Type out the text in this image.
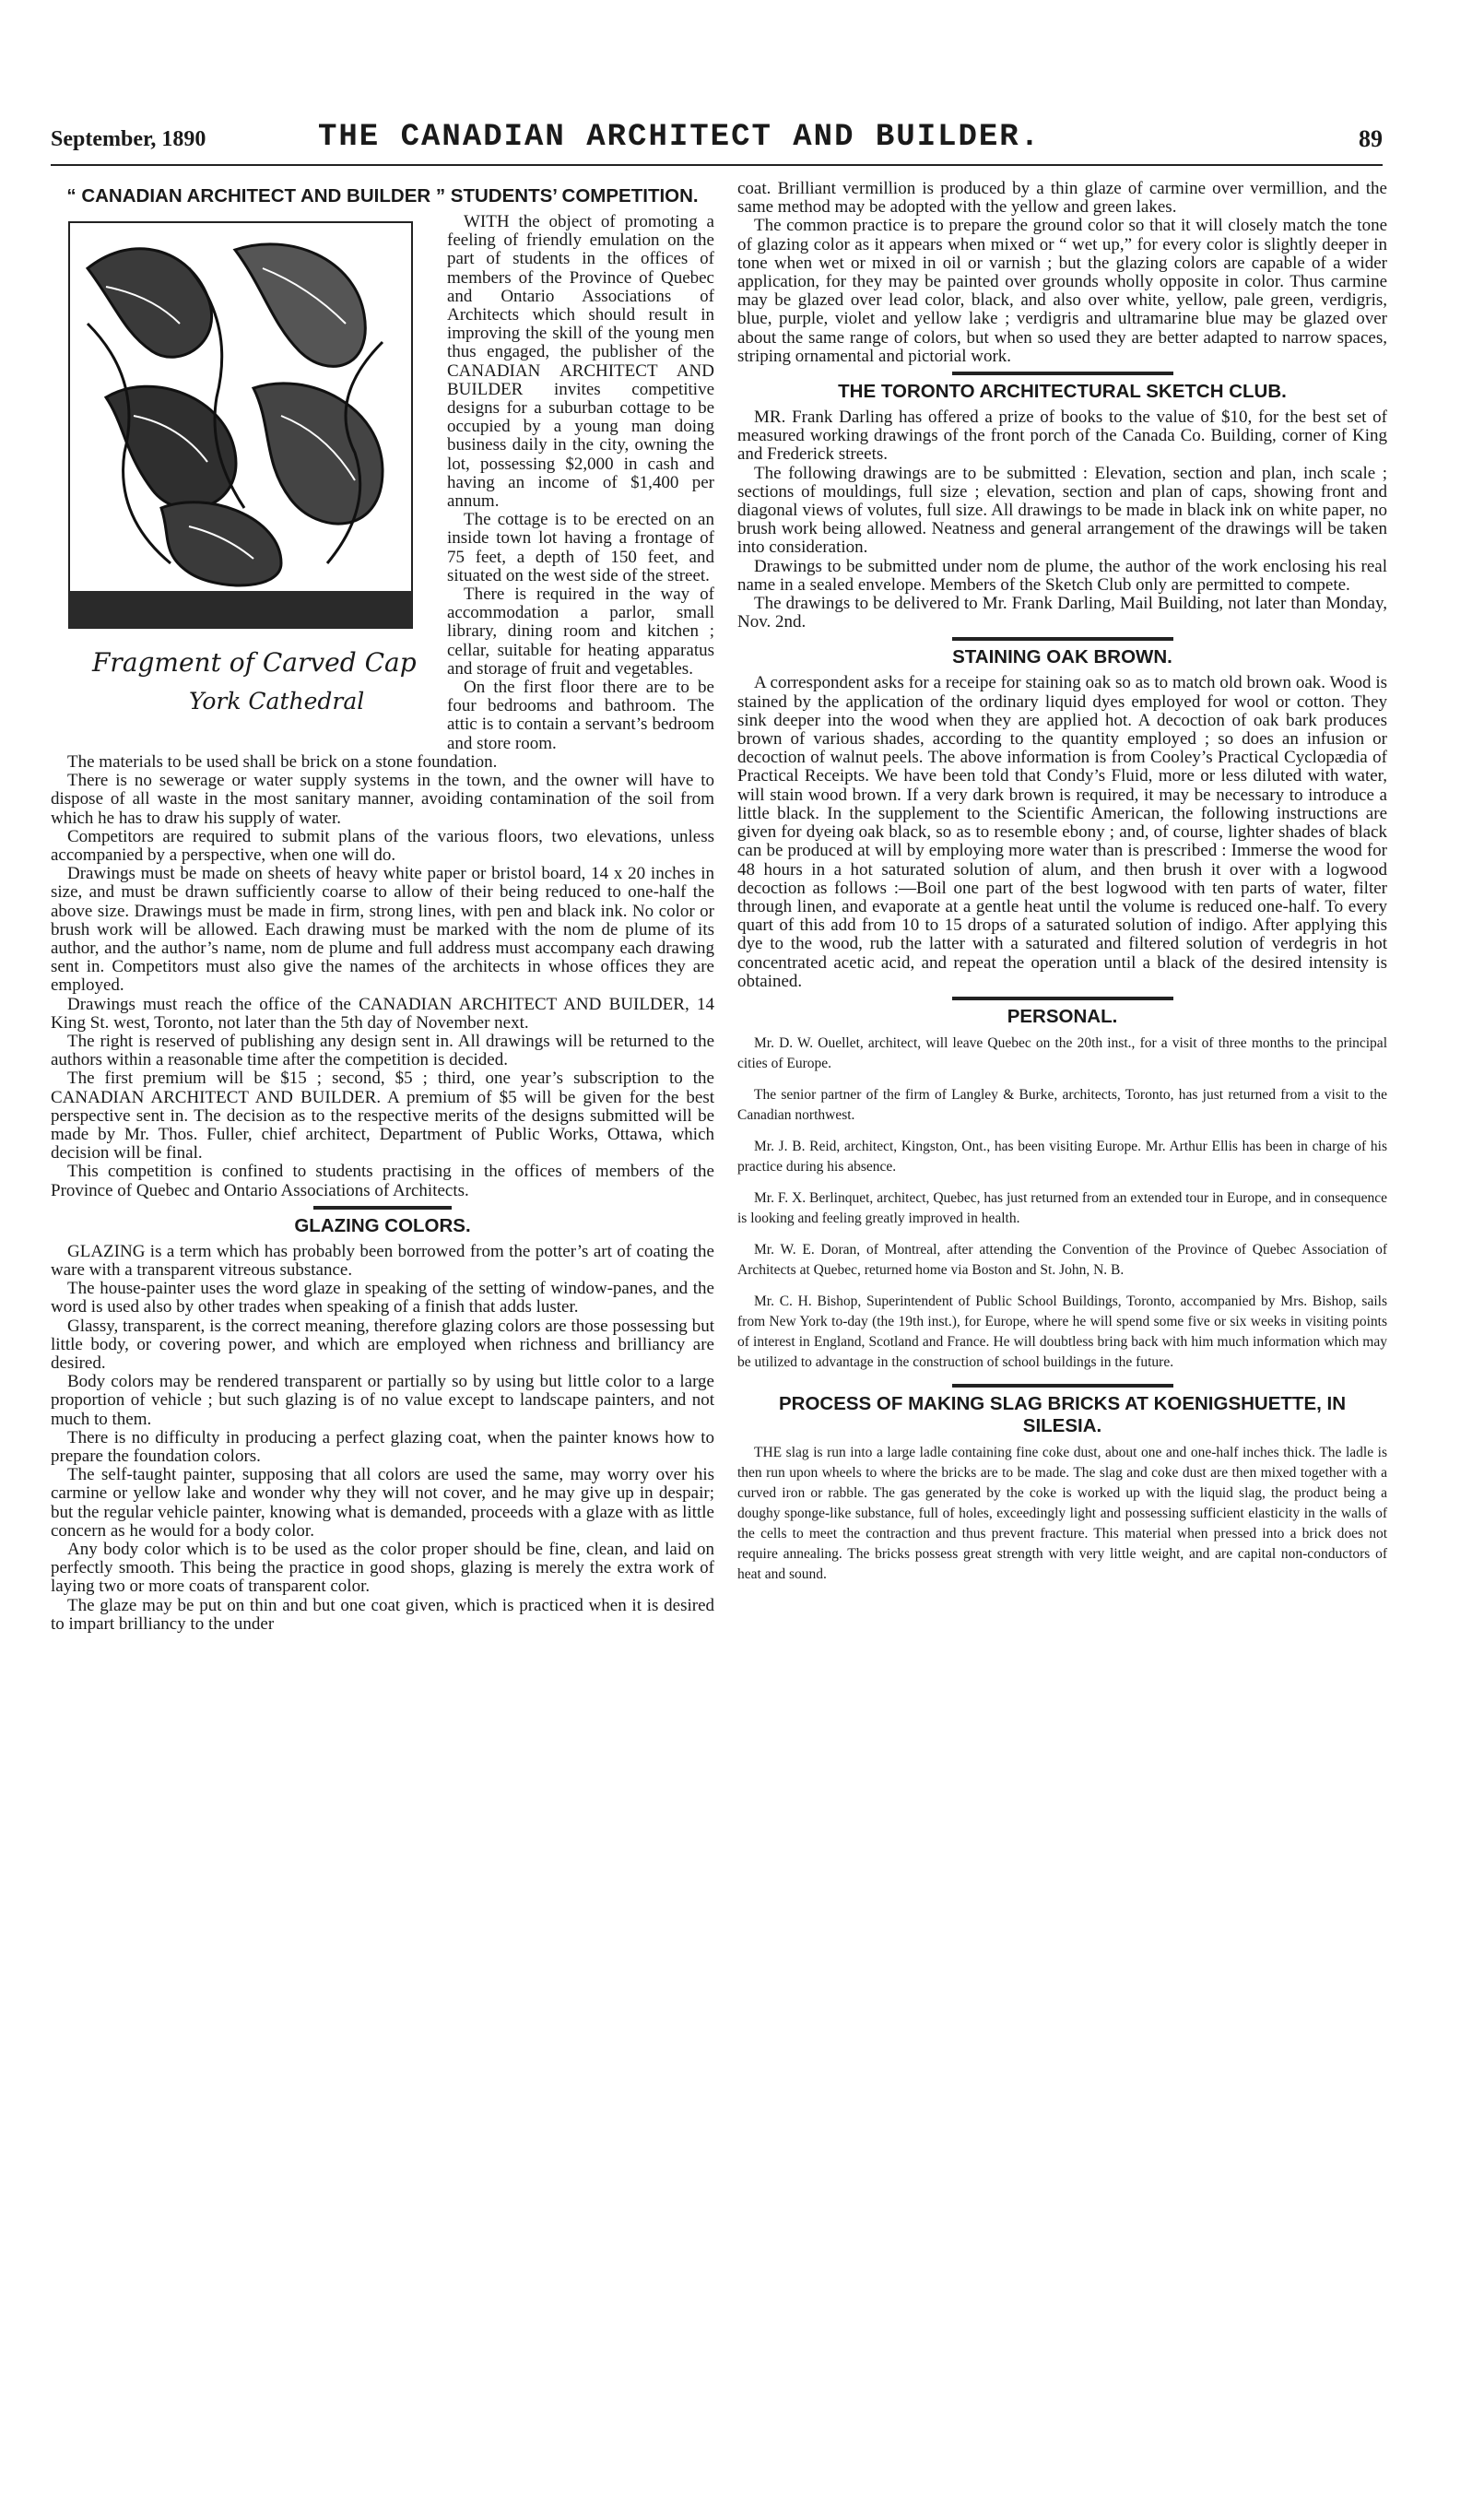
September, 1890	THE CANADIAN ARCHITECT AND BUILDER.	89
“ CANADIAN ARCHITECT AND BUILDER ” STUDENTS’ COMPETITION.
Fragment of Carved Cap
York Cathedral

WITH the object of promoting a feeling of friendly emulation on the part of students in the offices of members of the Province of Quebec and Ontario Associations of Architects which should result in improving the skill of the young men thus engaged, the publisher of the CANADIAN ARCHITECT AND BUILDER invites competitive designs for a suburban cottage to be occupied by a young man doing business daily in the city, owning the lot, possessing $2,000 in cash and having an income of $1,400 per annum.

The cottage is to be erected on an inside town lot having a frontage of 75 feet, a depth of 150 feet, and situated on the west side of the street.

There is required in the way of accommodation a parlor, small library, dining room and kitchen ; cellar, suitable for heating apparatus and storage of fruit and vegetables.

On the first floor there are to be four bedrooms and bathroom. The attic is to contain a servant’s bedroom and store room.

The materials to be used shall be brick on a stone foundation.

There is no sewerage or water supply systems in the town, and the owner will have to dispose of all waste in the most sanitary manner, avoiding contamination of the soil from which he has to draw his supply of water.

Competitors are required to submit plans of the various floors, two elevations, unless accompanied by a perspective, when one will do.

Drawings must be made on sheets of heavy white paper or bristol board, 14 x 20 inches in size, and must be drawn sufficiently coarse to allow of their being reduced to one-half the above size. Drawings must be made in firm, strong lines, with pen and black ink. No color or brush work will be allowed. Each drawing must be marked with the nom de plume of its author, and the author’s name, nom de plume and full address must accompany each drawing sent in. Competitors must also give the names of the architects in whose offices they are employed.

Drawings must reach the office of the CANADIAN ARCHITECT AND BUILDER, 14 King St. west, Toronto, not later than the 5th day of November next.

The right is reserved of publishing any design sent in. All drawings will be returned to the authors within a reasonable time after the competition is decided.

The first premium will be $15 ; second, $5 ; third, one year’s subscription to the CANADIAN ARCHITECT AND BUILDER. A premium of $5 will be given for the best perspective sent in. The decision as to the respective merits of the designs submitted will be made by Mr. Thos. Fuller, chief architect, Department of Public Works, Ottawa, which decision will be final.

This competition is confined to students practising in the offices of members of the Province of Quebec and Ontario Associations of Architects.

GLAZING COLORS.

GLAZING is a term which has probably been borrowed from the potter’s art of coating the ware with a transparent vitreous substance.

The house-painter uses the word glaze in speaking of the setting of window-panes, and the word is used also by other trades when speaking of a finish that adds luster.

Glassy, transparent, is the correct meaning, therefore glazing colors are those possessing but little body, or covering power, and which are employed when richness and brilliancy are desired.

Body colors may be rendered transparent or partially so by using but little color to a large proportion of vehicle ; but such glazing is of no value except to landscape painters, and not much to them.

There is no difficulty in producing a perfect glazing coat, when the painter knows how to prepare the foundation colors.

The self-taught painter, supposing that all colors are used the same, may worry over his carmine or yellow lake and wonder why they will not cover, and he may give up in despair; but the regular vehicle painter, knowing what is demanded, proceeds with a glaze with as little concern as he would for a body color.

Any body color which is to be used as the color proper should be fine, clean, and laid on perfectly smooth. This being the practice in good shops, glazing is merely the extra work of laying two or more coats of transparent color.

The glaze may be put on thin and but one coat given, which is practiced when it is desired to impart brilliancy to the under

coat. Brilliant vermillion is produced by a thin glaze of carmine over vermillion, and the same method may be adopted with the yellow and green lakes.

The common practice is to prepare the ground color so that it will closely match the tone of glazing color as it appears when mixed or “ wet up,” for every color is slightly deeper in tone when wet or mixed in oil or varnish ; but the glazing colors are capable of a wider application, for they may be painted over grounds wholly opposite in color. Thus carmine may be glazed over lead color, black, and also over white, yellow, pale green, verdigris, blue, purple, violet and yellow lake ; verdigris and ultramarine blue may be glazed over about the same range of colors, but when so used they are better adapted to narrow spaces, striping ornamental and pictorial work.

THE TORONTO ARCHITECTURAL SKETCH CLUB.

MR. Frank Darling has offered a prize of books to the value of $10, for the best set of measured working drawings of the front porch of the Canada Co. Building, corner of King and Frederick streets.

The following drawings are to be submitted : Elevation, section and plan, inch scale ; sections of mouldings, full size ; elevation, section and plan of caps, showing front and diagonal views of volutes, full size. All drawings to be made in black ink on white paper, no brush work being allowed. Neatness and general arrangement of the drawings will be taken into consideration.

Drawings to be submitted under nom de plume, the author of the work enclosing his real name in a sealed envelope. Members of the Sketch Club only are permitted to compete.

The drawings to be delivered to Mr. Frank Darling, Mail Building, not later than Monday, Nov. 2nd.

STAINING OAK BROWN.

A correspondent asks for a receipe for staining oak so as to match old brown oak. Wood is stained by the application of the ordinary liquid dyes employed for wool or cotton. They sink deeper into the wood when they are applied hot. A decoction of oak bark produces brown of various shades, according to the quantity employed ; so does an infusion or decoction of walnut peels. The above information is from Cooley’s Practical Cyclopædia of Practical Receipts. We have been told that Condy’s Fluid, more or less diluted with water, will stain wood brown. If a very dark brown is required, it may be necessary to introduce a little black. In the supplement to the Scientific American, the following instructions are given for dyeing oak black, so as to resemble ebony ; and, of course, lighter shades of black can be produced at will by employing more water than is prescribed : Immerse the wood for 48 hours in a hot saturated solution of alum, and then brush it over with a logwood decoction as follows :—Boil one part of the best logwood with ten parts of water, filter through linen, and evaporate at a gentle heat until the volume is reduced one-half. To every quart of this add from 10 to 15 drops of a saturated solution of indigo. After applying this dye to the wood, rub the latter with a saturated and filtered solution of verdegris in hot concentrated acetic acid, and repeat the operation until a black of the desired intensity is obtained.

PERSONAL.

Mr. D. W. Ouellet, architect, will leave Quebec on the 20th inst., for a visit of three months to the principal cities of Europe.

The senior partner of the firm of Langley & Burke, architects, Toronto, has just returned from a visit to the Canadian northwest.

Mr. J. B. Reid, architect, Kingston, Ont., has been visiting Europe. Mr. Arthur Ellis has been in charge of his practice during his absence.

Mr. F. X. Berlinquet, architect, Quebec, has just returned from an extended tour in Europe, and in consequence is looking and feeling greatly improved in health.

Mr. W. E. Doran, of Montreal, after attending the Convention of the Province of Quebec Association of Architects at Quebec, returned home via Boston and St. John, N. B.

Mr. C. H. Bishop, Superintendent of Public School Buildings, Toronto, accompanied by Mrs. Bishop, sails from New York to-day (the 19th inst.), for Europe, where he will spend some five or six weeks in visiting points of interest in England, Scotland and France. He will doubtless bring back with him much information which may be utilized to advantage in the construction of school buildings in the future.

PROCESS OF MAKING SLAG BRICKS AT KOENIGSHUETTE, IN SILESIA.

THE slag is run into a large ladle containing fine coke dust, about one and one-half inches thick. The ladle is then run upon wheels to where the bricks are to be made. The slag and coke dust are then mixed together with a curved iron or rabble. The gas generated by the coke is worked up with the liquid slag, the product being a doughy sponge-like substance, full of holes, exceedingly light and possessing sufficient elasticity in the walls of the cells to meet the contraction and thus prevent fracture. This material when pressed into a brick does not require annealing. The bricks possess great strength with very little weight, and are capital non-conductors of heat and sound.
